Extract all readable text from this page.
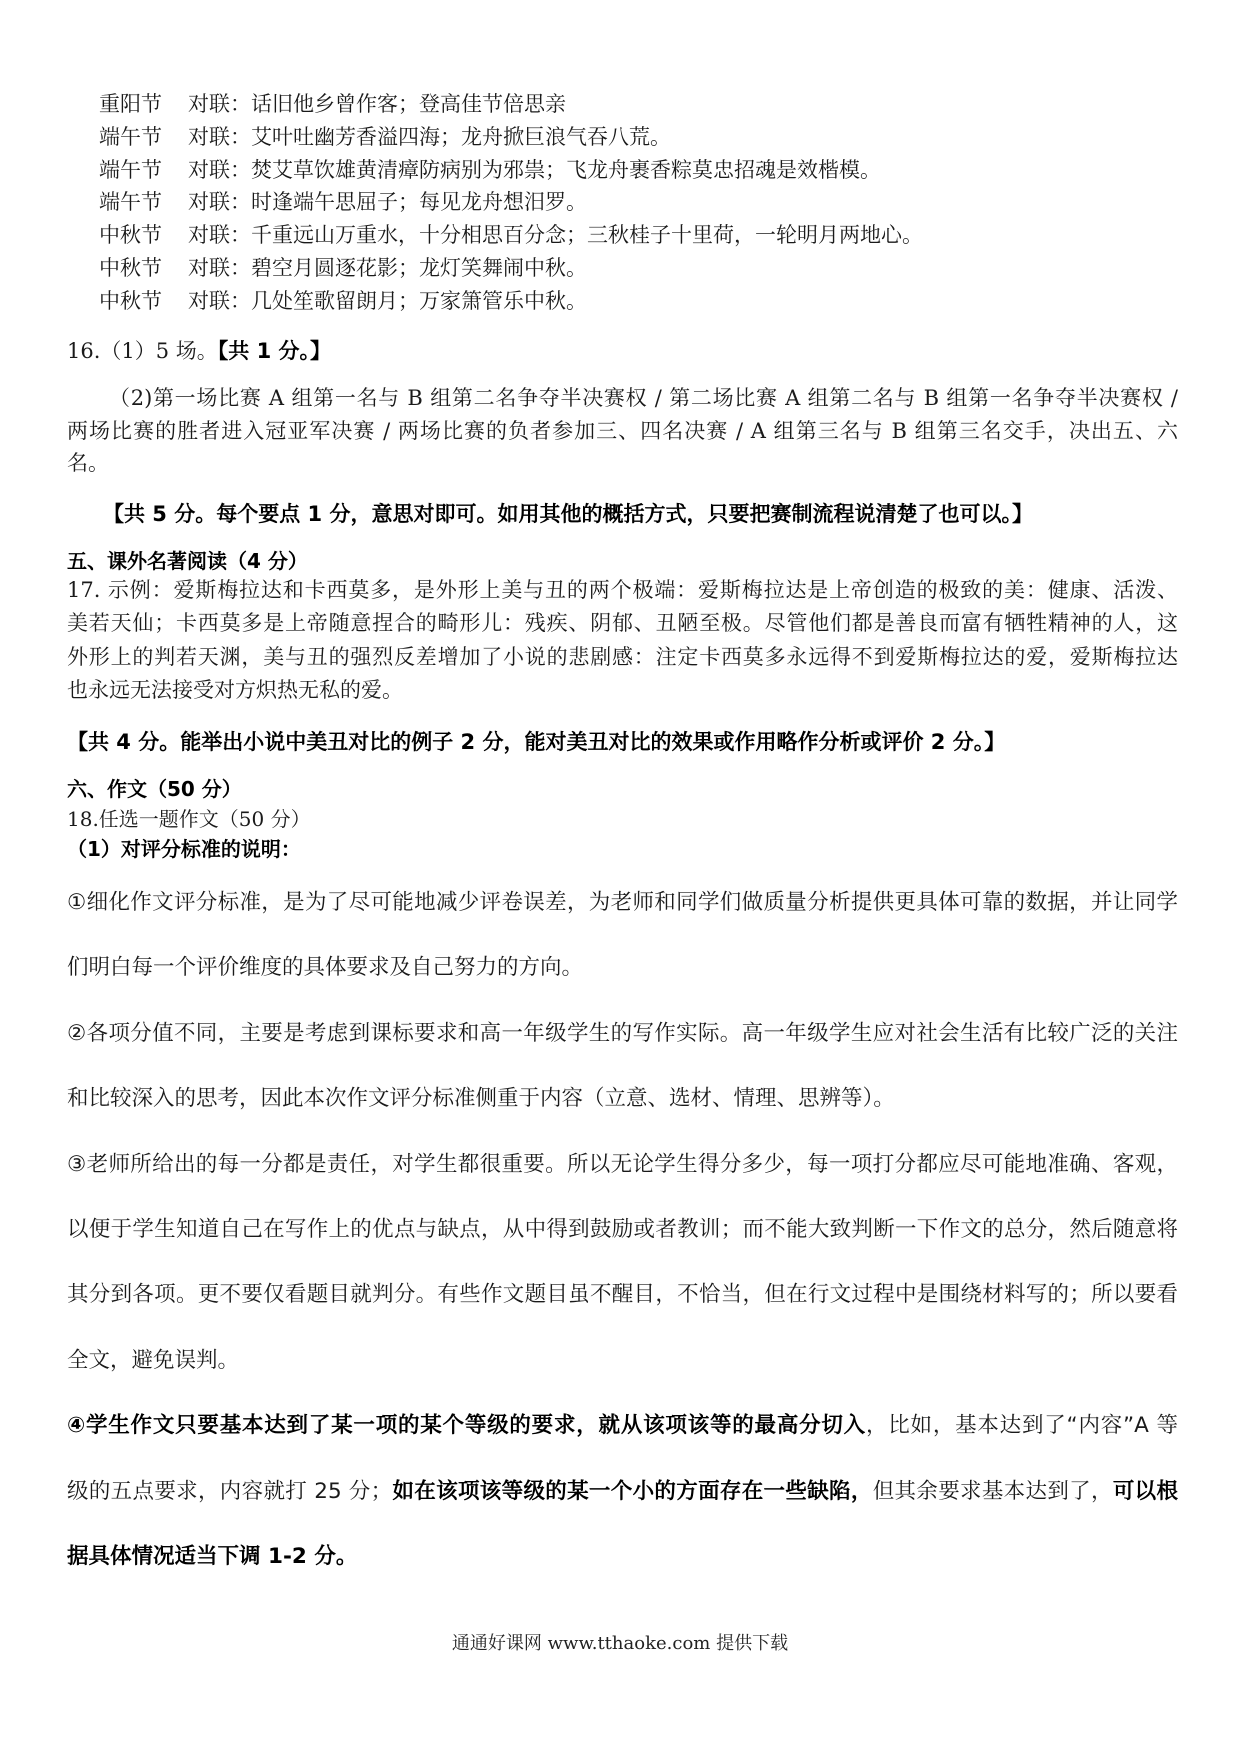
重阳节 对联：话旧他乡曾作客；登高佳节倍思亲
端午节 对联：艾叶吐幽芳香溢四海；龙舟掀巨浪气吞八荒。
端午节 对联：焚艾草饮雄黄清瘴防病别为邪祟；飞龙舟裹香粽莫忠招魂是效楷模。
端午节 对联：时逢端午思屈子；每见龙舟想汨罗。
中秋节 对联：千重远山万重水，十分相思百分念；三秋桂子十里荷，一轮明月两地心。
中秋节 对联：碧空月圆逐花影；龙灯笑舞闹中秋。
中秋节 对联：几处笙歌留朗月；万家箫管乐中秋。
16.（1）5 场。【共 1 分。】
（2)第一场比赛 A 组第一名与 B 组第二名争夺半决赛权 / 第二场比赛 A 组第二名与 B 组第一名争夺半决赛权 /
两场比赛的胜者进入冠亚军决赛 / 两场比赛的负者参加三、四名决赛 / A 组第三名与 B 组第三名交手，决出五、六
名。
【共 5 分。每个要点 1 分，意思对即可。如用其他的概括方式，只要把赛制流程说清楚了也可以。】
五、课外名著阅读（4 分）
17. 示例：爱斯梅拉达和卡西莫多，是外形上美与丑的两个极端：爱斯梅拉达是上帝创造的极致的美：健康、活泼、
美若天仙；卡西莫多是上帝随意捏合的畸形儿：残疾、阴郁、丑陋至极。尽管他们都是善良而富有牺牲精神的人，这
外形上的判若天渊，美与丑的强烈反差增加了小说的悲剧感：注定卡西莫多永远得不到爱斯梅拉达的爱，爱斯梅拉达
也永远无法接受对方炽热无私的爱。
【共 4 分。能举出小说中美丑对比的例子 2 分，能对美丑对比的效果或作用略作分析或评价 2 分。】
六、作文（50 分）
18.任选一题作文（50 分）
（1）对评分标准的说明：
①细化作文评分标准，是为了尽可能地减少评卷误差，为老师和同学们做质量分析提供更具体可靠的数据，并让同学
们明白每一个评价维度的具体要求及自己努力的方向。
②各项分值不同，主要是考虑到课标要求和高一年级学生的写作实际。高一年级学生应对社会生活有比较广泛的关注
和比较深入的思考，因此本次作文评分标准侧重于内容（立意、选材、情理、思辨等）。
③老师所给出的每一分都是责任，对学生都很重要。所以无论学生得分多少，每一项打分都应尽可能地准确、客观，
以便于学生知道自己在写作上的优点与缺点，从中得到鼓励或者教训；而不能大致判断一下作文的总分，然后随意将
其分到各项。更不要仅看题目就判分。有些作文题目虽不醒目，不恰当，但在行文过程中是围绕材料写的；所以要看
全文，避免误判。
④学生作文只要基本达到了某一项的某个等级的要求，就从该项该等的最高分切入，比如，基本达到了“内容”A 等
级的五点要求，内容就打 25 分；如在该项该等级的某一个小的方面存在一些缺陷，但其余要求基本达到了，可以根
据具体情况适当下调 1-2 分。
通通好课网 www.tthaoke.com 提供下载
